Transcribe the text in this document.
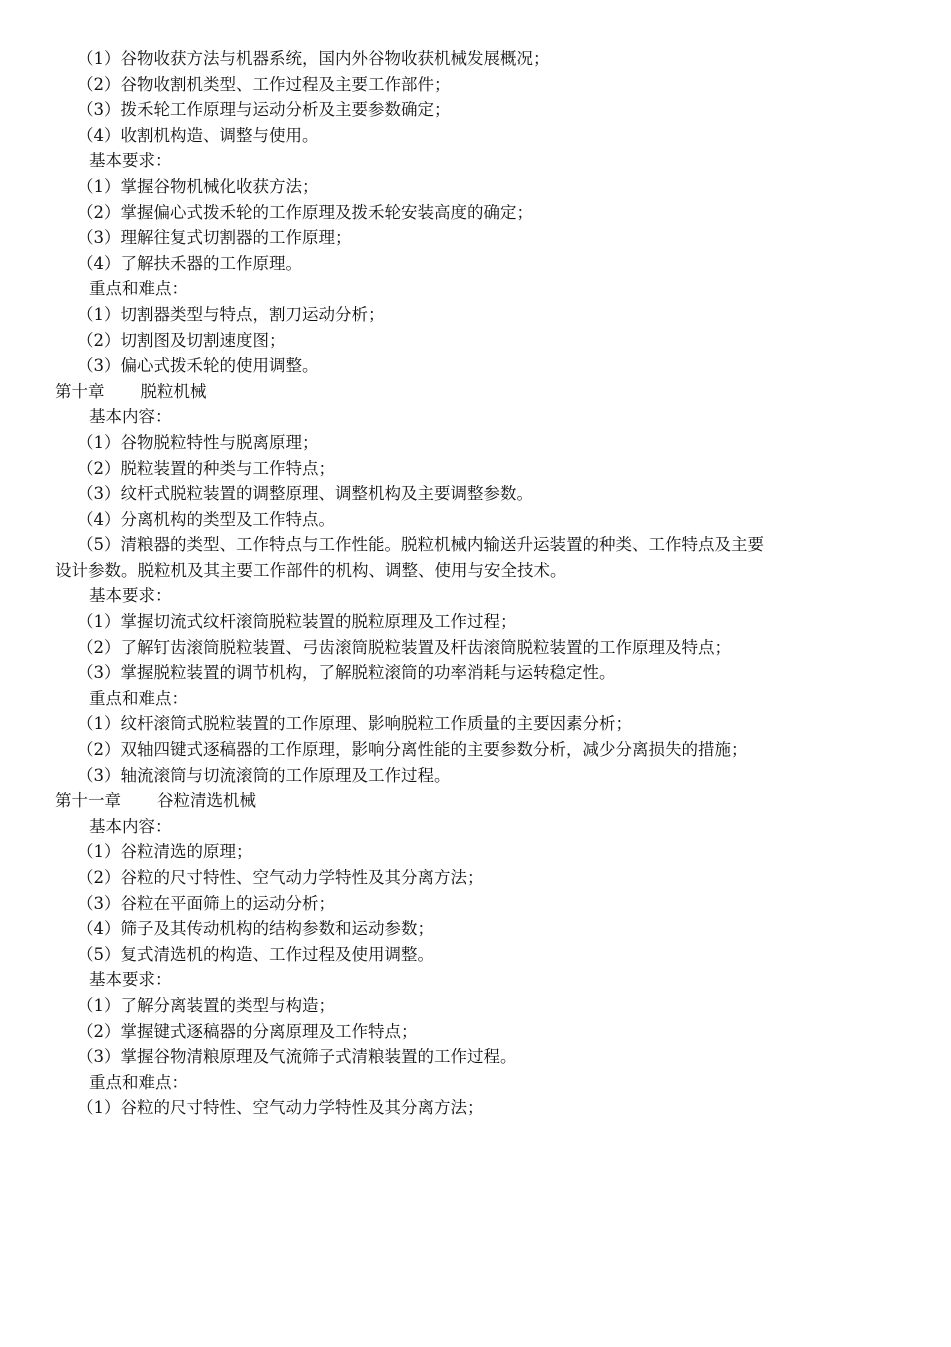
（1）谷物收获方法与机器系统，国内外谷物收获机械发展概况；
（2）谷物收割机类型、工作过程及主要工作部件；
（3）拨禾轮工作原理与运动分析及主要参数确定；
（4）收割机构造、调整与使用。
基本要求：
（1）掌握谷物机械化收获方法；
（2）掌握偏心式拨禾轮的工作原理及拨禾轮安装高度的确定；
（3）理解往复式切割器的工作原理；
（4）了解扶禾器的工作原理。
重点和难点：
（1）切割器类型与特点，割刀运动分析；
（2）切割图及切割速度图；
（3）偏心式拨禾轮的使用调整。
第十章 脱粒机械
基本内容：
（1）谷物脱粒特性与脱离原理；
（2）脱粒装置的种类与工作特点；
（3）纹杆式脱粒装置的调整原理、调整机构及主要调整参数。
（4）分离机构的类型及工作特点。
（5）清粮器的类型、工作特点与工作性能。脱粒机械内输送升运装置的种类、工作特点及主要
设计参数。脱粒机及其主要工作部件的机构、调整、使用与安全技术。
基本要求：
（1）掌握切流式纹杆滚筒脱粒装置的脱粒原理及工作过程；
（2）了解钉齿滚筒脱粒装置、弓齿滚筒脱粒装置及杆齿滚筒脱粒装置的工作原理及特点；
（3）掌握脱粒装置的调节机构，了解脱粒滚筒的功率消耗与运转稳定性。
重点和难点：
（1）纹杆滚筒式脱粒装置的工作原理、影响脱粒工作质量的主要因素分析；
（2）双轴四键式逐稿器的工作原理，影响分离性能的主要参数分析，减少分离损失的措施；
（3）轴流滚筒与切流滚筒的工作原理及工作过程。
第十一章 谷粒清选机械
基本内容：
（1）谷粒清选的原理；
（2）谷粒的尺寸特性、空气动力学特性及其分离方法；
（3）谷粒在平面筛上的运动分析；
（4）筛子及其传动机构的结构参数和运动参数；
（5）复式清选机的构造、工作过程及使用调整。
基本要求：
（1）了解分离装置的类型与构造；
（2）掌握键式逐稿器的分离原理及工作特点；
（3）掌握谷物清粮原理及气流筛子式清粮装置的工作过程。
重点和难点：
（1）谷粒的尺寸特性、空气动力学特性及其分离方法；
